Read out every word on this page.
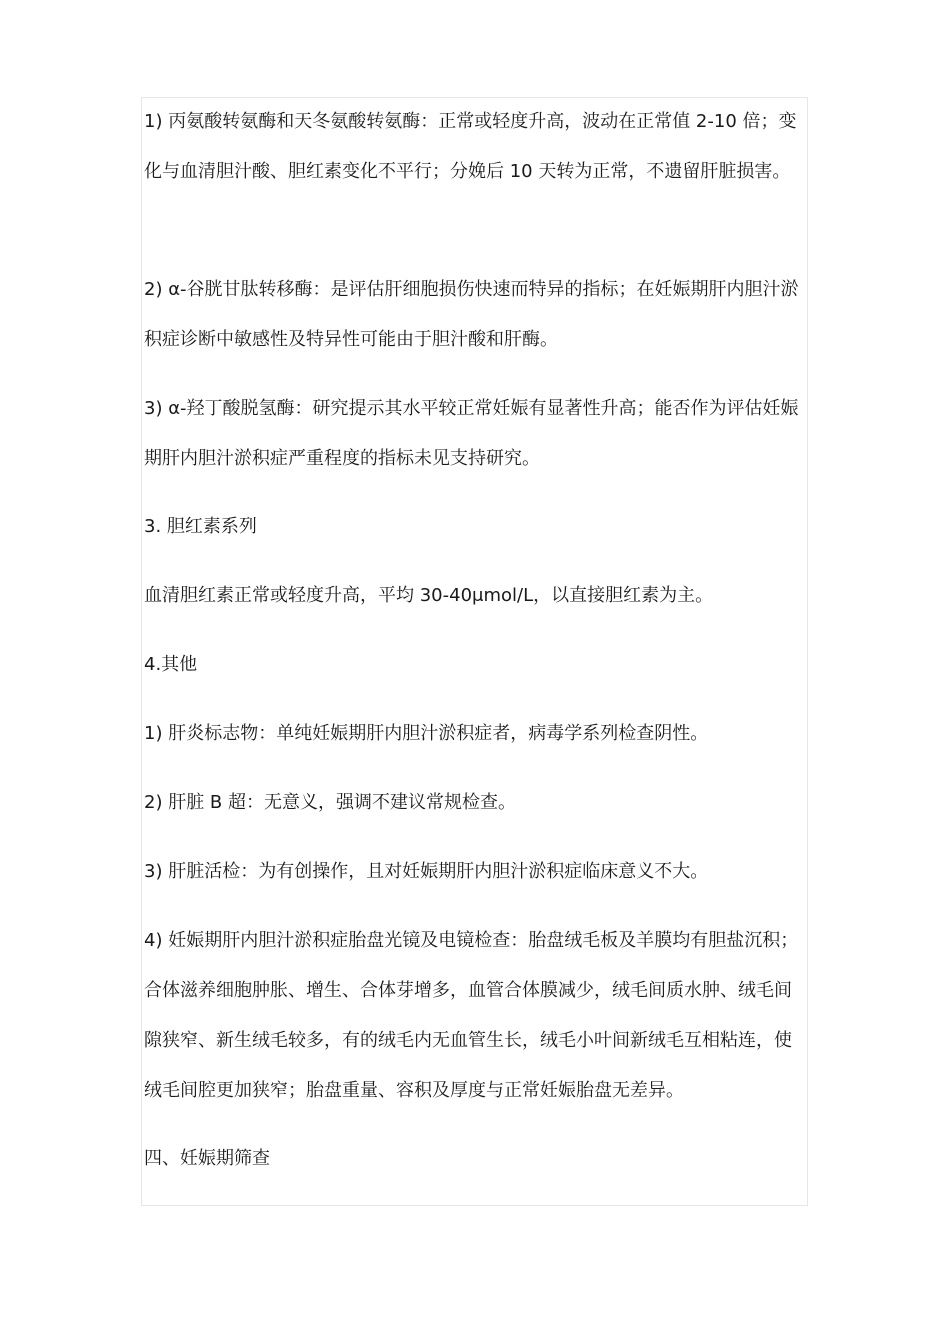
1) 丙氨酸转氨酶和天冬氨酸转氨酶：正常或轻度升高，波动在正常值 2-10 倍；变化与血清胆汁酸、胆红素变化不平行；分娩后 10 天转为正常，不遗留肝脏损害。

2) α-谷胱甘肽转移酶：是评估肝细胞损伤快速而特异的指标；在妊娠期肝内胆汁淤积症诊断中敏感性及特异性可能由于胆汁酸和肝酶。

3) α-羟丁酸脱氢酶：研究提示其水平较正常妊娠有显著性升高；能否作为评估妊娠期肝内胆汁淤积症严重程度的指标未见支持研究。

3. 胆红素系列

血清胆红素正常或轻度升高，平均 30-40μmol/L，以直接胆红素为主。

4.其他

1) 肝炎标志物：单纯妊娠期肝内胆汁淤积症者，病毒学系列检查阴性。

2) 肝脏 B 超：无意义，强调不建议常规检查。

3) 肝脏活检：为有创操作，且对妊娠期肝内胆汁淤积症临床意义不大。

4) 妊娠期肝内胆汁淤积症胎盘光镜及电镜检查：胎盘绒毛板及羊膜均有胆盐沉积；合体滋养细胞肿胀、增生、合体芽增多，血管合体膜减少，绒毛间质水肿、绒毛间隙狭窄、新生绒毛较多，有的绒毛内无血管生长，绒毛小叶间新绒毛互相粘连，使绒毛间腔更加狭窄；胎盘重量、容积及厚度与正常妊娠胎盘无差异。

四、妊娠期筛查
